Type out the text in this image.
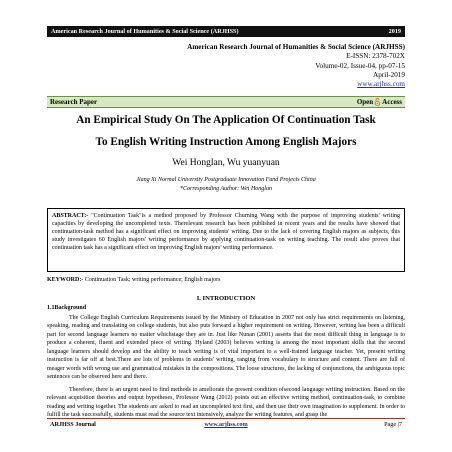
American Research Journal of Humanities & Social Science (ARJHSS)	2019
American Research Journal of Humanities & Social Science (ARJHSS)
E-ISSN: 2378-702X
Volume-02, Issue-04, pp-07-15
April-2019
www.arjhss.com
Research Paper	Open Access
An Empirical Study On The Application Of Continuation Task
To English Writing Instruction Among English Majors
Wei Honglan, Wu yuanyuan
Jiang Xi Normal University Postgraduate Innovation Fund Projects China
*Corresponding Author: Wei Honglan
ABSTRACT:- "Continuation Task"is a method proposed by Professor Churning Wang with the purpose of improving students' writing capacities by developing the uncompleted texts. Therelevant research has been published in recent years and the results have showed that continuation-task method has a significant effect on improving students' writing. Due to the lack of covering English majors as subjects, this study investigates 60 English majors' writing performance by applying continuation-task on writing teaching. The result also proves that continuation task has a significant effect on improving English majors' writing performance.
KEYWORD:- Continuation Task; writing performance; English majors
I. INTRODUCTION
1.1Background
The College English Curriculum Requirements issued by the Ministry of Education in 2007 not only has strict requirements on listening, speaking, reading and translating on college students, but also puts forward a higher requirement on writing. However, writing has been a difficult part for second language learners no matter whichstage they are in. Just like Nunan (2001) asserts that the most difficult thing in language is to produce a coherent, fluent and extended piece of writing. Hyland (2003) believes writing is among the most important skills that the second language learners should develop and the ability to teach writing is of vital important to a well-trained language teacher. Yet, present writing instruction is far off at best.There are lots of problems in students' writing, ranging from vocabulary to structure and content. There are full of meager words with wrong use and grammatical mistakes in the compositions. The loose structures, the lacking of conjunctions, the ambiguous topic sentences can be observed here and there.
Therefore, there is an urgent need to find methods to ameliorate the present condition ofsecond language writing instruction. Based on the relevant acquisition theories and output hypotheses, Professor Wang (2012) points out an effective writing method, continuation-task, to combine reading and writing together. The students are asked to read an uncompleted text first, and then use their own imagination to supplement. In order to fulfill the task successfully, students must read the source text intensively, analyze the writing features, and grasp the
ARJHSS Journal	www.arjhss.com	Page |7
